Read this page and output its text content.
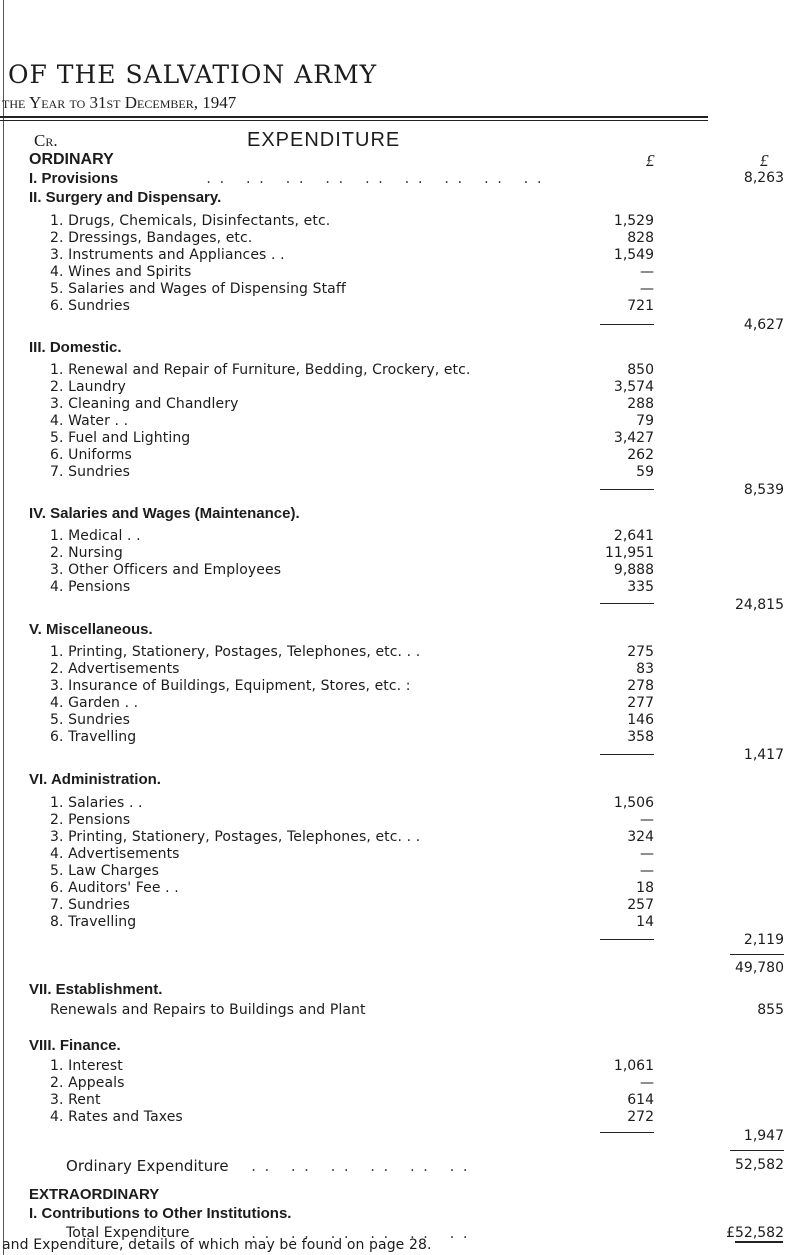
OF THE SALVATION ARMY
the Year to 31st December, 1947
Cr.	EXPENDITURE
ORDINARY	£	£
I. Provisions	.. .. .. .. .. .. .. .. ..	8,263
II. Surgery and Dispensary.
1. Drugs, Chemicals, Disinfectants, etc.	1,529
2. Dressings, Bandages, etc.	828
3. Instruments and Appliances . .	1,549
4. Wines and Spirits	—
5. Salaries and Wages of Dispensing Staff	—
6. Sundries	721
4,627
III. Domestic.
1. Renewal and Repair of Furniture, Bedding, Crockery, etc.	850
2. Laundry	3,574
3. Cleaning and Chandlery	288
4. Water . .	79
5. Fuel and Lighting	3,427
6. Uniforms	262
7. Sundries	59
8,539
IV. Salaries and Wages (Maintenance).
1. Medical . .	2,641
2. Nursing	11,951
3. Other Officers and Employees	9,888
4. Pensions	335
24,815
V. Miscellaneous.
1. Printing, Stationery, Postages, Telephones, etc. . .	275
2. Advertisements	83
3. Insurance of Buildings, Equipment, Stores, etc. :	278
4. Garden . .	277
5. Sundries	146
6. Travelling	358
1,417
VI. Administration.
1. Salaries . .	1,506
2. Pensions	—
3. Printing, Stationery, Postages, Telephones, etc. . .	324
4. Advertisements	—
5. Law Charges	—
6. Auditors' Fee . .	18
7. Sundries	257
8. Travelling	14
2,119
49,780
VII. Establishment.
Renewals and Repairs to Buildings and Plant	855
VIII. Finance.
1. Interest	1,061
2. Appeals	—
3. Rent	614
4. Rates and Taxes	272
1,947
Ordinary Expenditure .. .. .. .. .. ..	52,582
EXTRAORDINARY
I. Contributions to Other Institutions.
Total Expenditure	.. .. .. .. .. ..	£52,582
and Expenditure, details of which may be found on page 28.
